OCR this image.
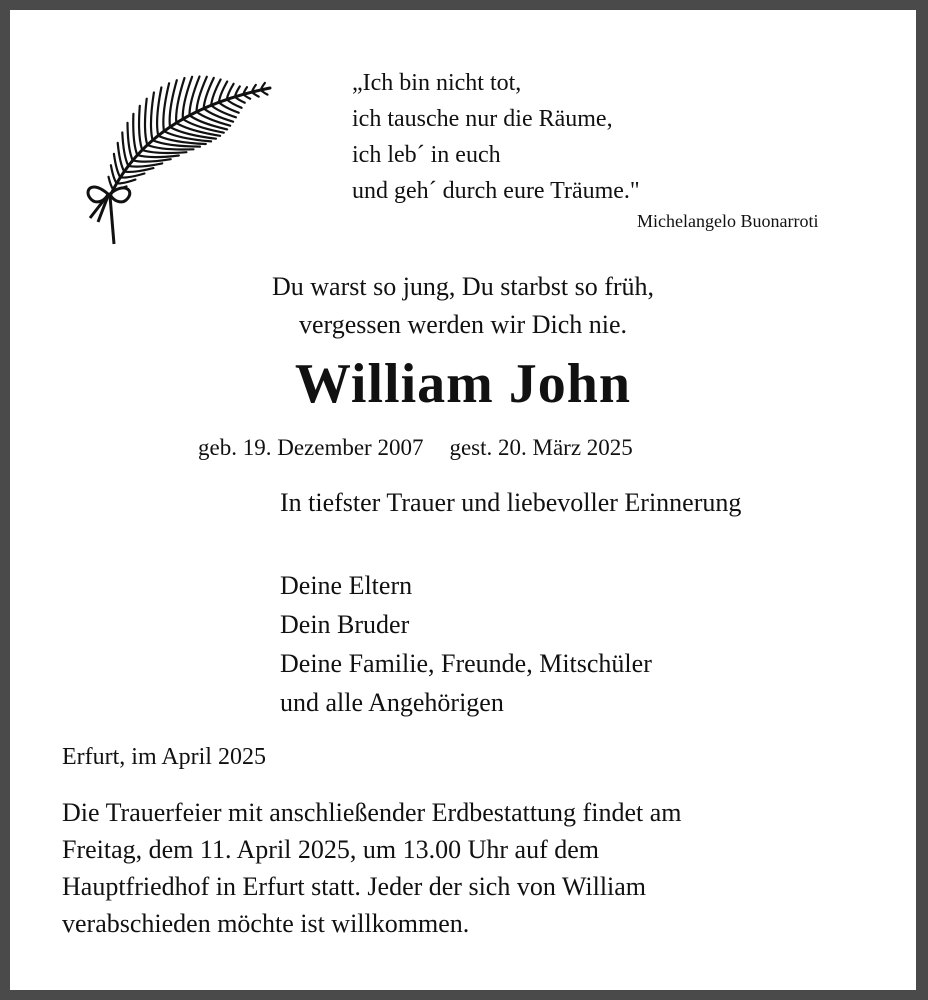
„Ich bin nicht tot,
ich tausche nur die Räume,
ich leb´ in euch
und geh´ durch eure Träume."
Michelangelo Buonarroti
Du warst so jung, Du starbst so früh,
vergessen werden wir Dich nie.
William John
geb. 19. Dezember 2007 gest. 20. März 2025
In tiefster Trauer und liebevoller Erinnerung
Deine Eltern
Dein Bruder
Deine Familie, Freunde, Mitschüler
und alle Angehörigen
Erfurt, im April 2025
Die Trauerfeier mit anschließender Erdbestattung findet am
Freitag, dem 11. April 2025, um 13.00 Uhr auf dem
Hauptfriedhof in Erfurt statt. Jeder der sich von William
verabschieden möchte ist willkommen.
